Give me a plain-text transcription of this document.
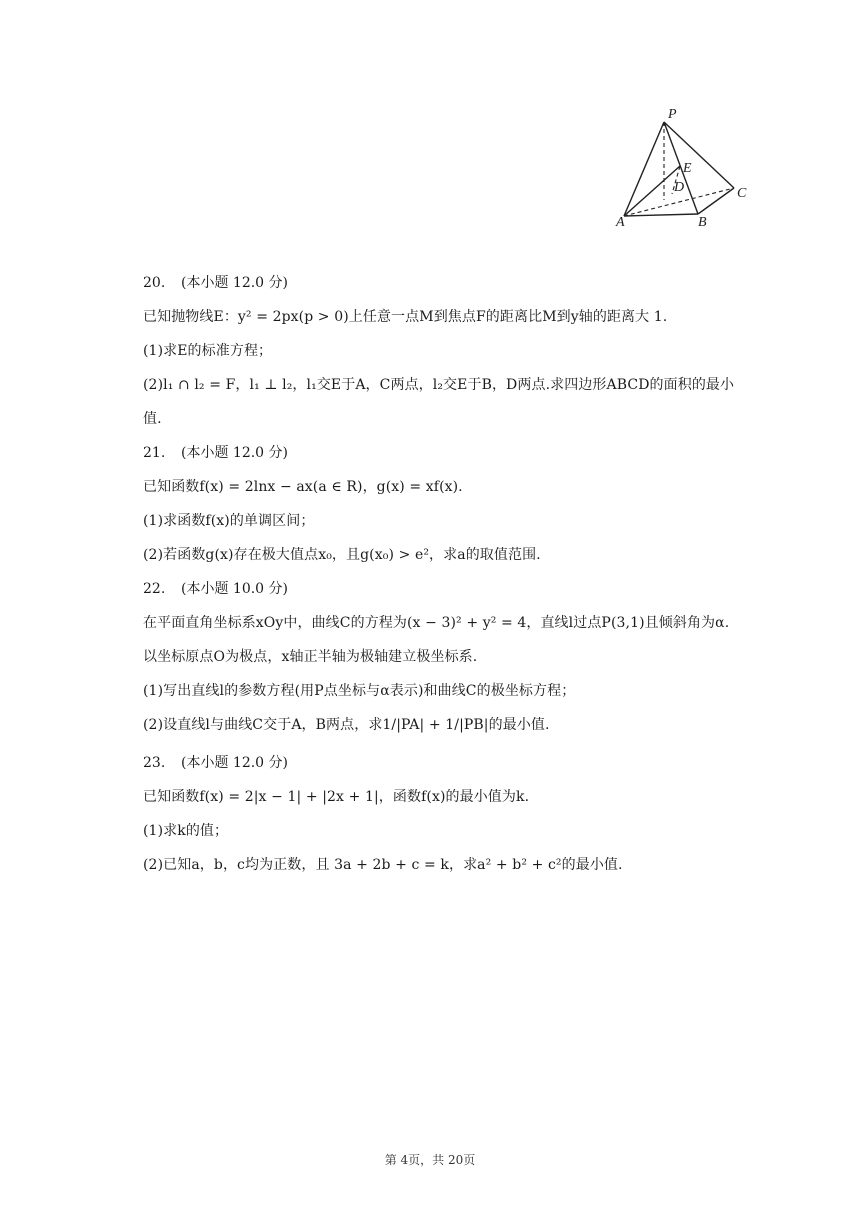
P
E
D	C
A	B
20. (本小题 12.0 分)
已知抛物线E：y² = 2px(p > 0)上任意一点M到焦点F的距离比M到y轴的距离大 1.
(1)求E的标准方程；
(2)l₁ ∩ l₂ = F，l₁ ⊥ l₂，l₁交E于A，C两点，l₂交E于B，D两点.求四边形ABCD的面积的最小
值.
21. (本小题 12.0 分)
已知函数f(x) = 2lnx − ax(a ∈ R)，g(x) = xf(x).
(1)求函数f(x)的单调区间；
(2)若函数g(x)存在极大值点x₀，且g(x₀) > e²，求a的取值范围.
22. (本小题 10.0 分)
在平面直角坐标系xOy中，曲线C的方程为(x − 3)² + y² = 4，直线l过点P(3,1)且倾斜角为α.
以坐标原点O为极点，x轴正半轴为极轴建立极坐标系.
(1)写出直线l的参数方程(用P点坐标与α表示)和曲线C的极坐标方程；
(2)设直线l与曲线C交于A，B两点，求1/|PA| + 1/|PB|的最小值.
23. (本小题 12.0 分)
已知函数f(x) = 2|x − 1| + |2x + 1|，函数f(x)的最小值为k.
(1)求k的值；
(2)已知a，b，c均为正数，且 3a + 2b + c = k，求a² + b² + c²的最小值.
第 4页，共 20页
